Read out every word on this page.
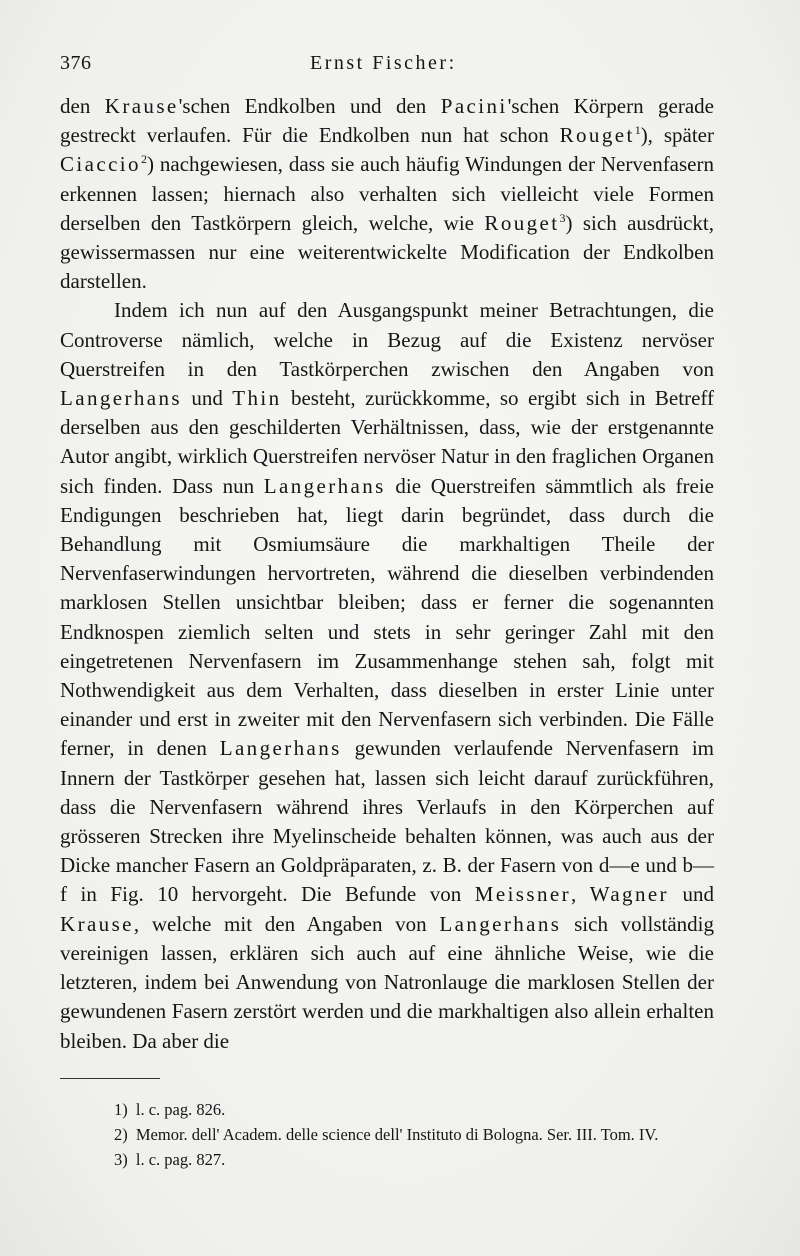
376	Ernst Fischer:

den Krause'schen Endkolben und den Pacini'schen Körpern gerade gestreckt verlaufen. Für die Endkolben nun hat schon Rouget$^1$), später Ciaccio$^2$) nachgewiesen, dass sie auch häufig Windungen der Nervenfasern erkennen lassen; hiernach also verhalten sich vielleicht viele Formen derselben den Tastkörpern gleich, welche, wie Rouget$^3$) sich ausdrückt, gewissermassen nur eine weiterentwickelte Modification der Endkolben darstellen.

Indem ich nun auf den Ausgangspunkt meiner Betrachtungen, die Controverse nämlich, welche in Bezug auf die Existenz nervöser Querstreifen in den Tastkörperchen zwischen den Angaben von Langerhans und Thin besteht, zurückkomme, so ergibt sich in Betreff derselben aus den geschilderten Verhältnissen, dass, wie der erstgenannte Autor angibt, wirklich Querstreifen nervöser Natur in den fraglichen Organen sich finden. Dass nun Langerhans die Querstreifen sämmtlich als freie Endigungen beschrieben hat, liegt darin begründet, dass durch die Behandlung mit Osmiumsäure die markhaltigen Theile der Nervenfaserwindungen hervortreten, während die dieselben verbindenden marklosen Stellen unsichtbar bleiben; dass er ferner die sogenannten Endknospen ziemlich selten und stets in sehr geringer Zahl mit den eingetretenen Nervenfasern im Zusammenhange stehen sah, folgt mit Nothwendigkeit aus dem Verhalten, dass dieselben in erster Linie unter einander und erst in zweiter mit den Nervenfasern sich verbinden. Die Fälle ferner, in denen Langerhans gewunden verlaufende Nervenfasern im Innern der Tastkörper gesehen hat, lassen sich leicht darauf zurückführen, dass die Nervenfasern während ihres Verlaufs in den Körperchen auf grösseren Strecken ihre Myelinscheide behalten können, was auch aus der Dicke mancher Fasern an Goldpräparaten, z. B. der Fasern von d—e und b—f in Fig. 10 hervorgeht. Die Befunde von Meissner, Wagner und Krause, welche mit den Angaben von Langerhans sich vollständig vereinigen lassen, erklären sich auch auf eine ähnliche Weise, wie die letzteren, indem bei Anwendung von Natronlauge die marklosen Stellen der gewundenen Fasern zerstört werden und die markhaltigen also allein erhalten bleiben. Da aber die

1) l. c. pag. 826.
2) Memor. dell' Academ. delle science dell' Instituto di Bologna. Ser. III. Tom. IV.
3) l. c. pag. 827.
